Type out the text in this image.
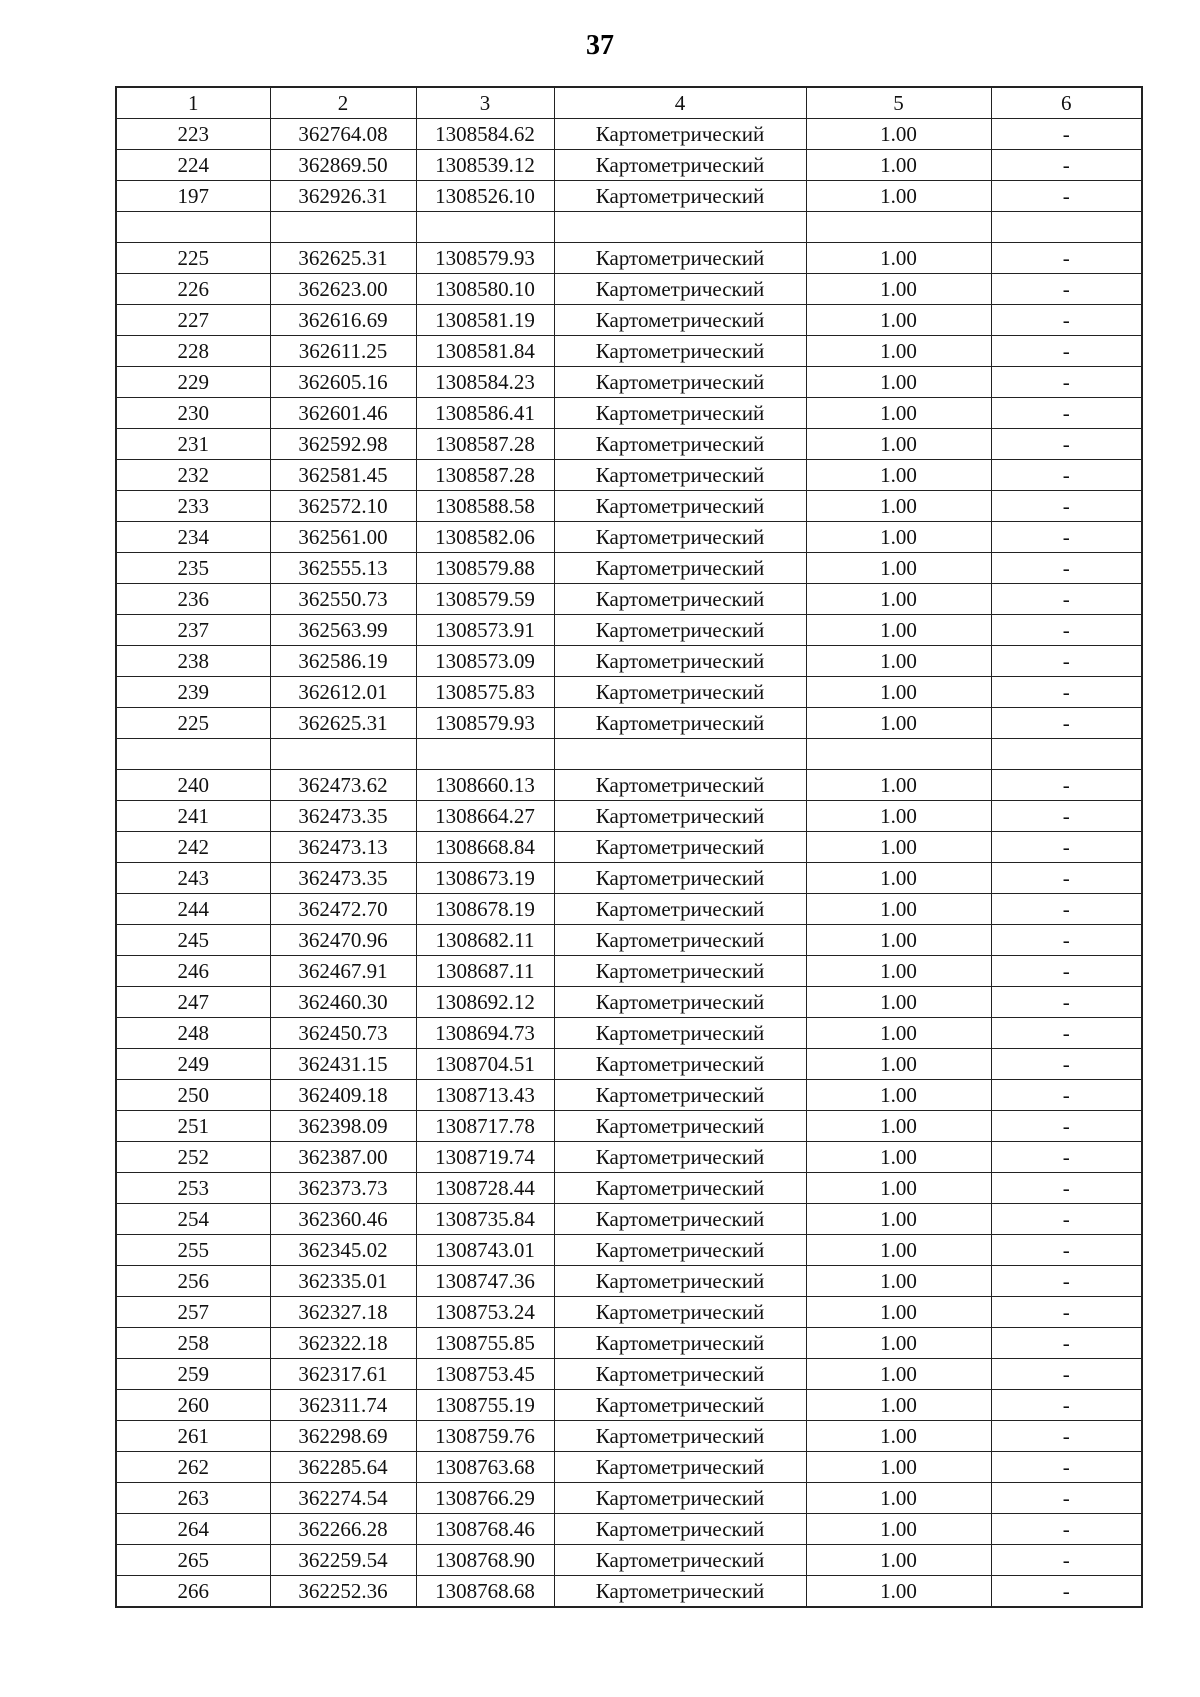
37
1	2	3	4	5	6
223	362764.08	1308584.62	Картометрический	1.00	-
224	362869.50	1308539.12	Картометрический	1.00	-
197	362926.31	1308526.10	Картометрический	1.00	-

225	362625.31	1308579.93	Картометрический	1.00	-
226	362623.00	1308580.10	Картометрический	1.00	-
227	362616.69	1308581.19	Картометрический	1.00	-
228	362611.25	1308581.84	Картометрический	1.00	-
229	362605.16	1308584.23	Картометрический	1.00	-
230	362601.46	1308586.41	Картометрический	1.00	-
231	362592.98	1308587.28	Картометрический	1.00	-
232	362581.45	1308587.28	Картометрический	1.00	-
233	362572.10	1308588.58	Картометрический	1.00	-
234	362561.00	1308582.06	Картометрический	1.00	-
235	362555.13	1308579.88	Картометрический	1.00	-
236	362550.73	1308579.59	Картометрический	1.00	-
237	362563.99	1308573.91	Картометрический	1.00	-
238	362586.19	1308573.09	Картометрический	1.00	-
239	362612.01	1308575.83	Картометрический	1.00	-
225	362625.31	1308579.93	Картометрический	1.00	-

240	362473.62	1308660.13	Картометрический	1.00	-
241	362473.35	1308664.27	Картометрический	1.00	-
242	362473.13	1308668.84	Картометрический	1.00	-
243	362473.35	1308673.19	Картометрический	1.00	-
244	362472.70	1308678.19	Картометрический	1.00	-
245	362470.96	1308682.11	Картометрический	1.00	-
246	362467.91	1308687.11	Картометрический	1.00	-
247	362460.30	1308692.12	Картометрический	1.00	-
248	362450.73	1308694.73	Картометрический	1.00	-
249	362431.15	1308704.51	Картометрический	1.00	-
250	362409.18	1308713.43	Картометрический	1.00	-
251	362398.09	1308717.78	Картометрический	1.00	-
252	362387.00	1308719.74	Картометрический	1.00	-
253	362373.73	1308728.44	Картометрический	1.00	-
254	362360.46	1308735.84	Картометрический	1.00	-
255	362345.02	1308743.01	Картометрический	1.00	-
256	362335.01	1308747.36	Картометрический	1.00	-
257	362327.18	1308753.24	Картометрический	1.00	-
258	362322.18	1308755.85	Картометрический	1.00	-
259	362317.61	1308753.45	Картометрический	1.00	-
260	362311.74	1308755.19	Картометрический	1.00	-
261	362298.69	1308759.76	Картометрический	1.00	-
262	362285.64	1308763.68	Картометрический	1.00	-
263	362274.54	1308766.29	Картометрический	1.00	-
264	362266.28	1308768.46	Картометрический	1.00	-
265	362259.54	1308768.90	Картометрический	1.00	-
266	362252.36	1308768.68	Картометрический	1.00	-
